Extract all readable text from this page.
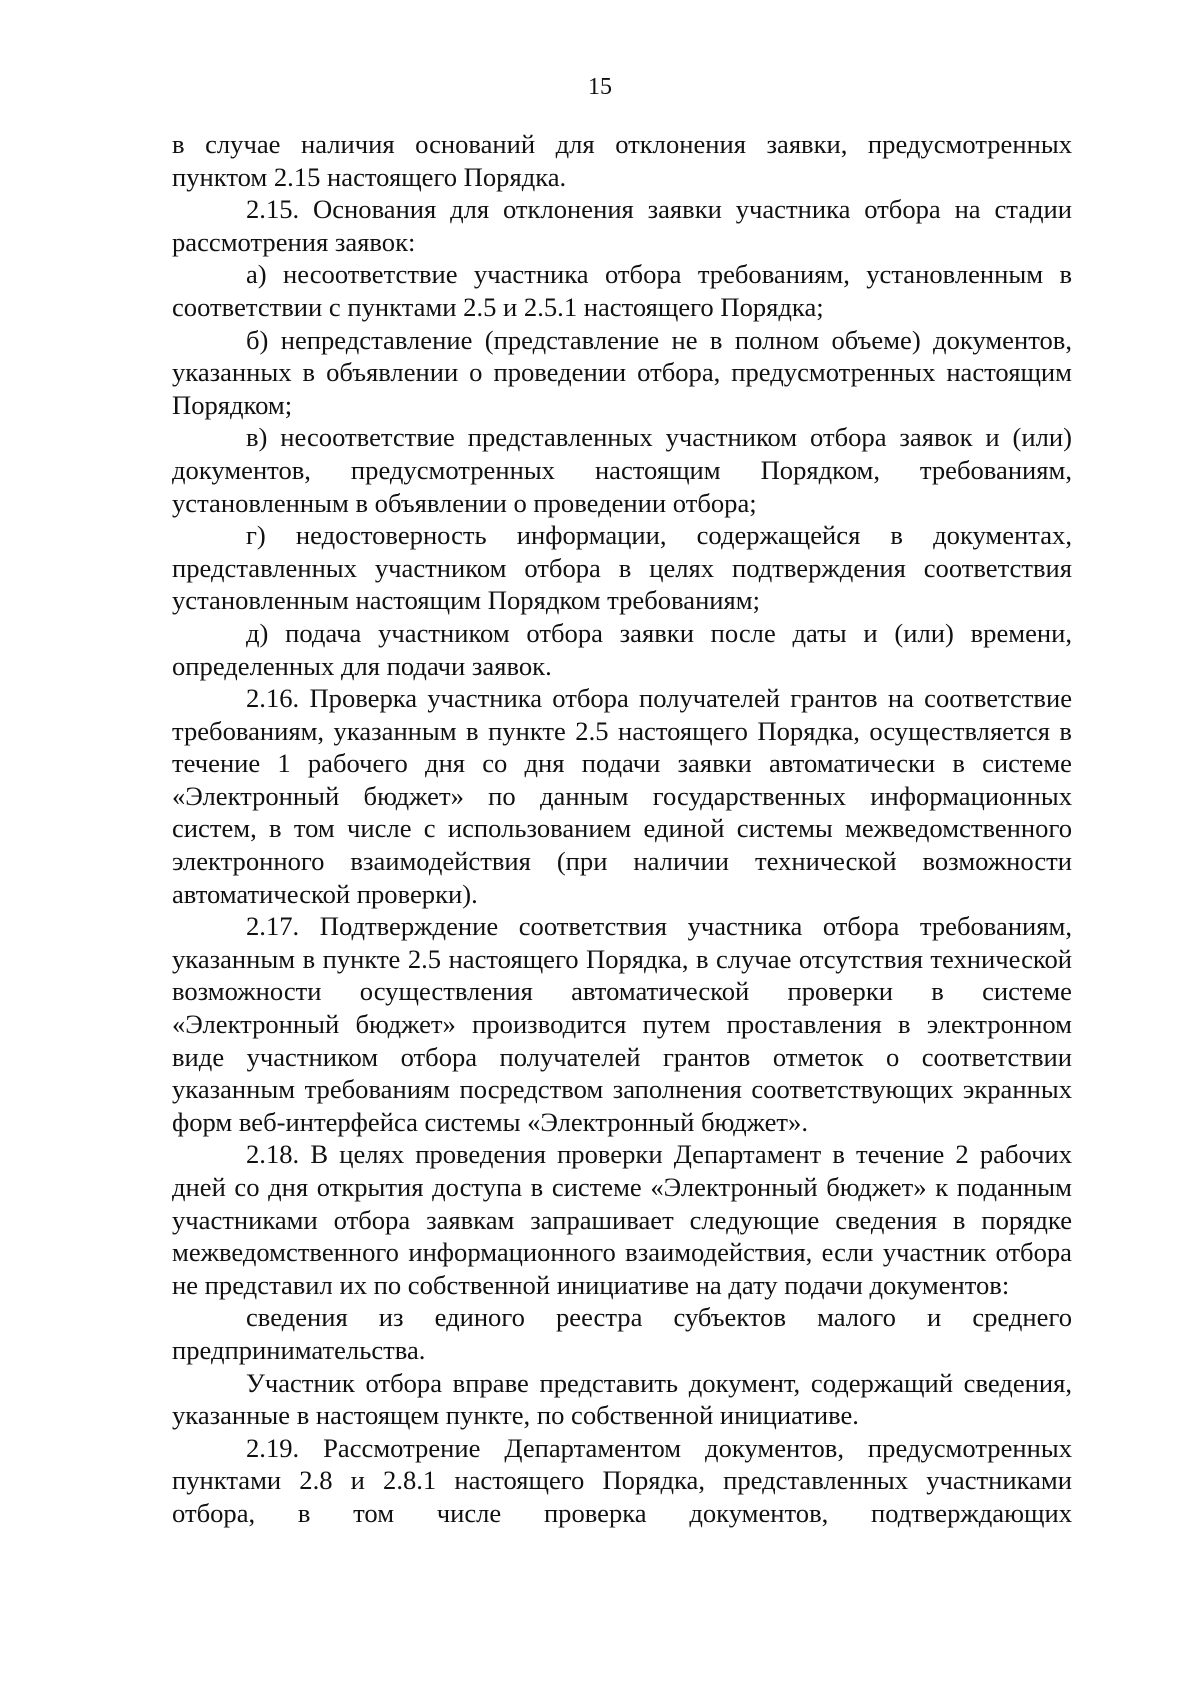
15

в случае наличия оснований для отклонения заявки, предусмотренных пунктом 2.15 настоящего Порядка.

2.15. Основания для отклонения заявки участника отбора на стадии рассмотрения заявок:

а) несоответствие участника отбора требованиям, установленным в соответствии с пунктами 2.5 и 2.5.1 настоящего Порядка;

б) непредставление (представление не в полном объеме) документов, указанных в объявлении о проведении отбора, предусмотренных настоящим Порядком;

в) несоответствие представленных участником отбора заявок и (или) документов, предусмотренных настоящим Порядком, требованиям, установленным в объявлении о проведении отбора;

г) недостоверность информации, содержащейся в документах, представленных участником отбора в целях подтверждения соответствия установленным настоящим Порядком требованиям;

д) подача участником отбора заявки после даты и (или) времени, определенных для подачи заявок.

2.16. Проверка участника отбора получателей грантов на соответствие требованиям, указанным в пункте 2.5 настоящего Порядка, осуществляется в течение 1 рабочего дня со дня подачи заявки автоматически в системе «Электронный бюджет» по данным государственных информационных систем, в том числе с использованием единой системы межведомственного электронного взаимодействия (при наличии технической возможности автоматической проверки).

2.17. Подтверждение соответствия участника отбора требованиям, указанным в пункте 2.5 настоящего Порядка, в случае отсутствия технической возможности осуществления автоматической проверки в системе «Электронный бюджет» производится путем проставления в электронном виде участником отбора получателей грантов отметок о соответствии указанным требованиям посредством заполнения соответствующих экранных форм веб-интерфейса системы «Электронный бюджет».

2.18. В целях проведения проверки Департамент в течение 2 рабочих дней со дня открытия доступа в системе «Электронный бюджет» к поданным участниками отбора заявкам запрашивает следующие сведения в порядке межведомственного информационного взаимодействия, если участник отбора не представил их по собственной инициативе на дату подачи документов:

сведения из единого реестра субъектов малого и среднего предпринимательства.

Участник отбора вправе представить документ, содержащий сведения, указанные в настоящем пункте, по собственной инициативе.

2.19. Рассмотрение Департаментом документов, предусмотренных пунктами 2.8 и 2.8.1 настоящего Порядка, представленных участниками отбора, в том числе проверка документов, подтверждающих
